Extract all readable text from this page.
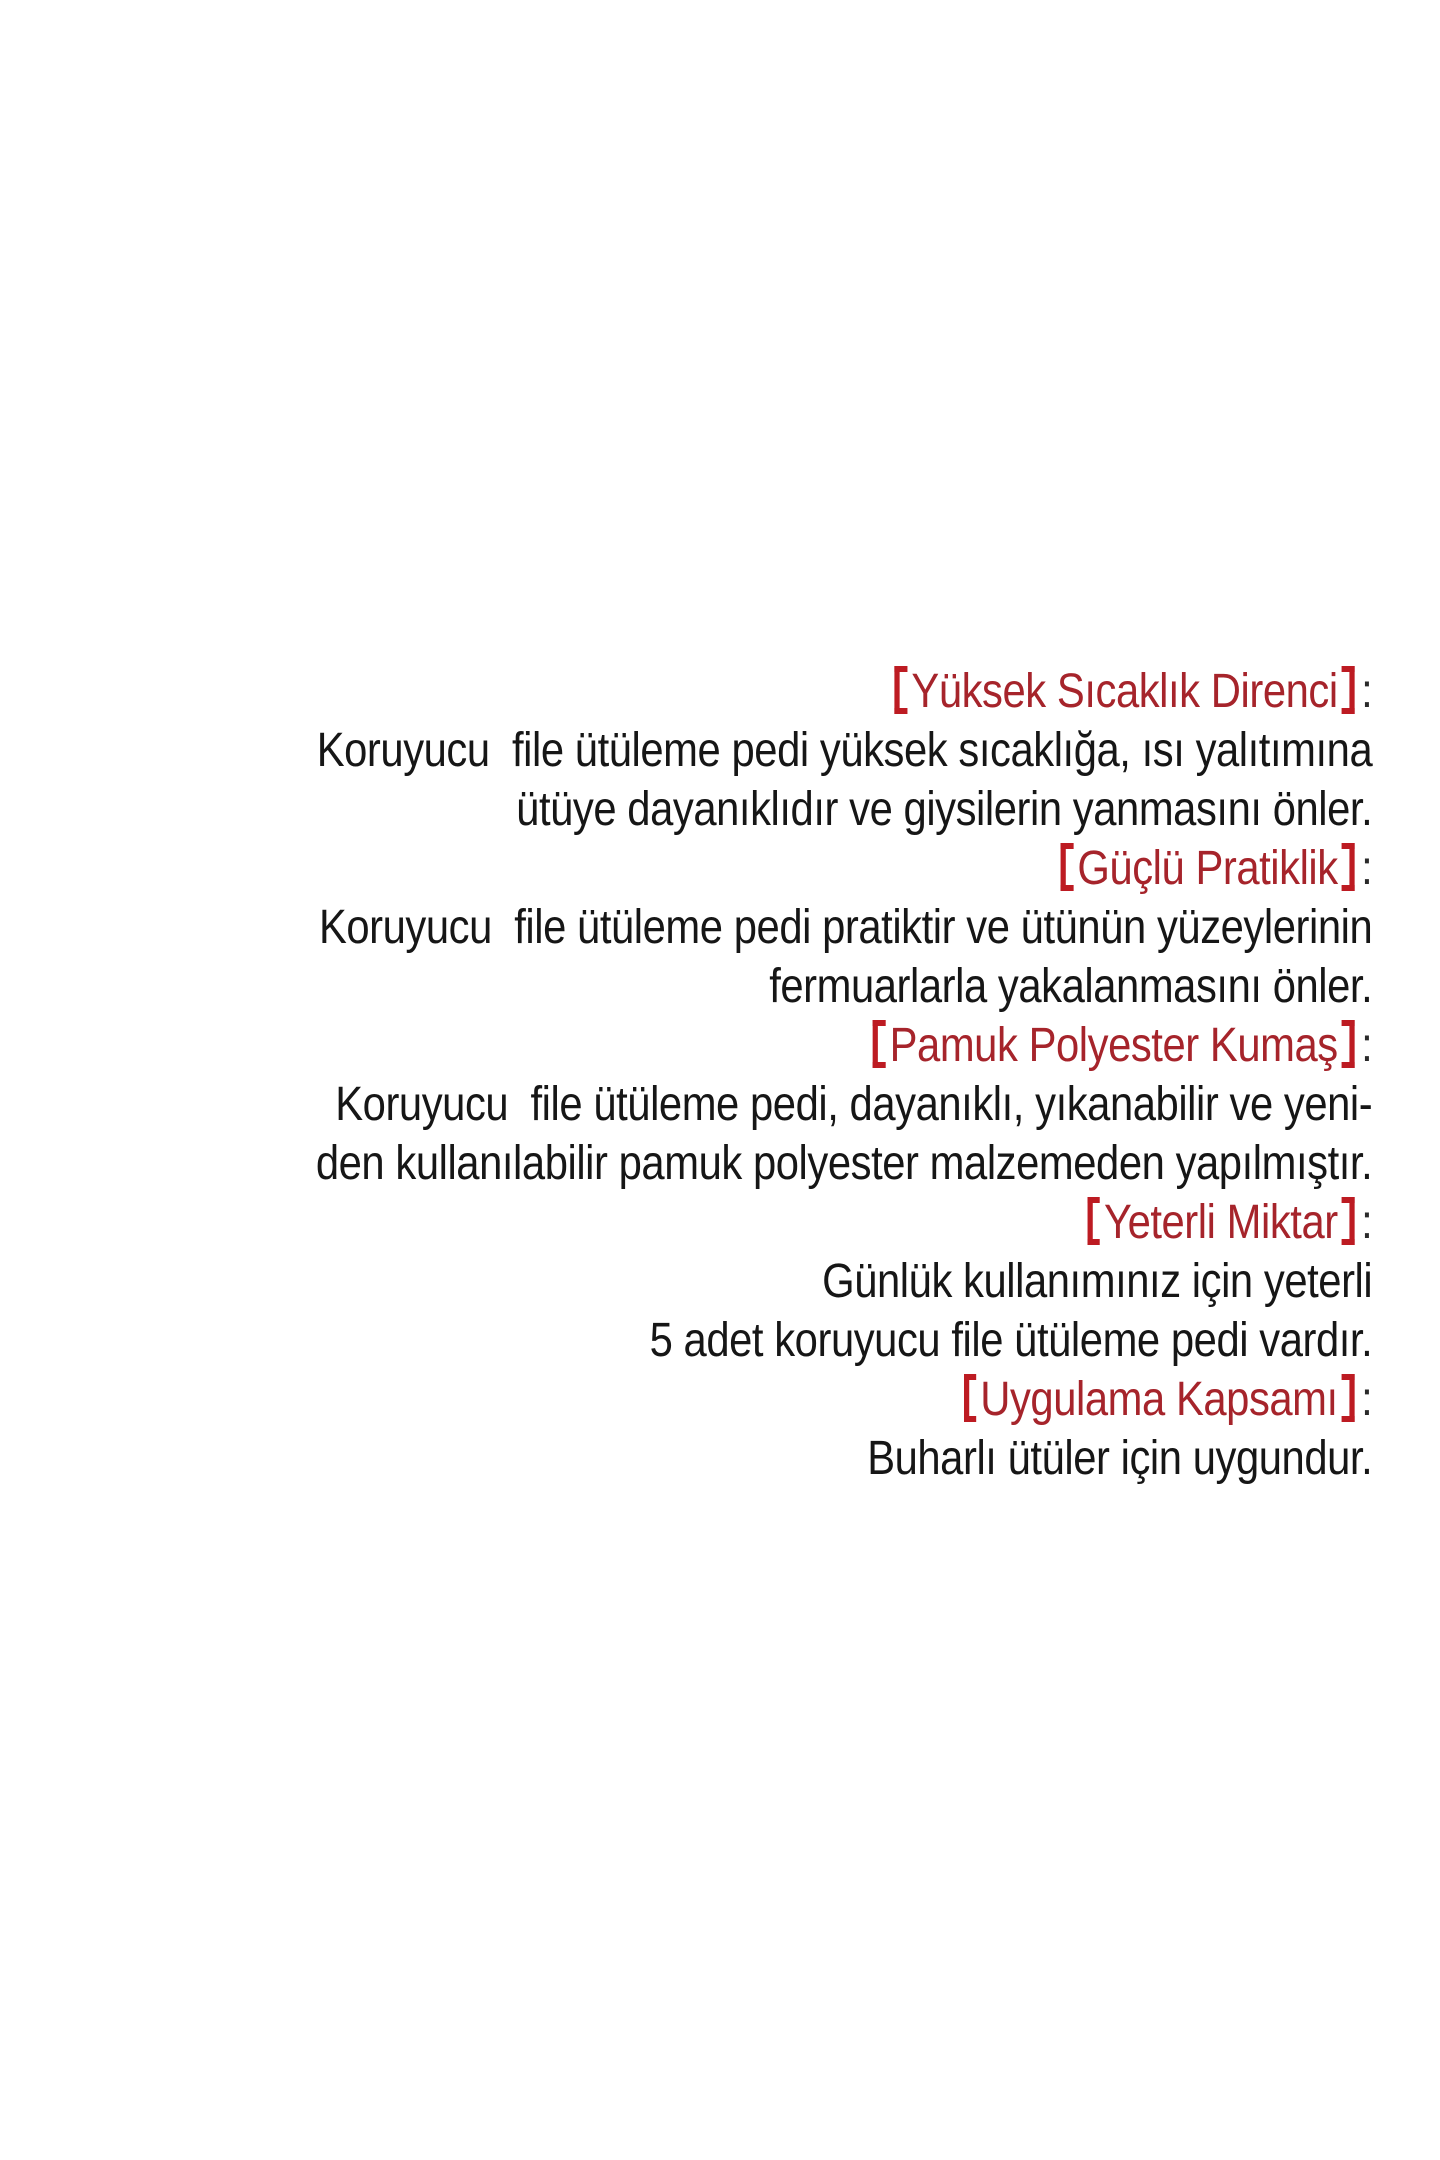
Yüksek Sıcaklık Direnci :
Koruyucu  file ütüleme pedi yüksek sıcaklığa, ısı yalıtımına
ütüye dayanıklıdır ve giysilerin yanmasını önler.
Güçlü Pratiklik :
Koruyucu  file ütüleme pedi pratiktir ve ütünün yüzeylerinin
fermuarlarla yakalanmasını önler.
Pamuk Polyester Kumaş :
Koruyucu  file ütüleme pedi, dayanıklı, yıkanabilir ve yeni-
den kullanılabilir pamuk polyester malzemeden yapılmıştır.
Yeterli Miktar :
Günlük kullanımınız için yeterli
5 adet koruyucu file ütüleme pedi vardır.
Uygulama Kapsamı :
Buharlı ütüler için uygundur.
